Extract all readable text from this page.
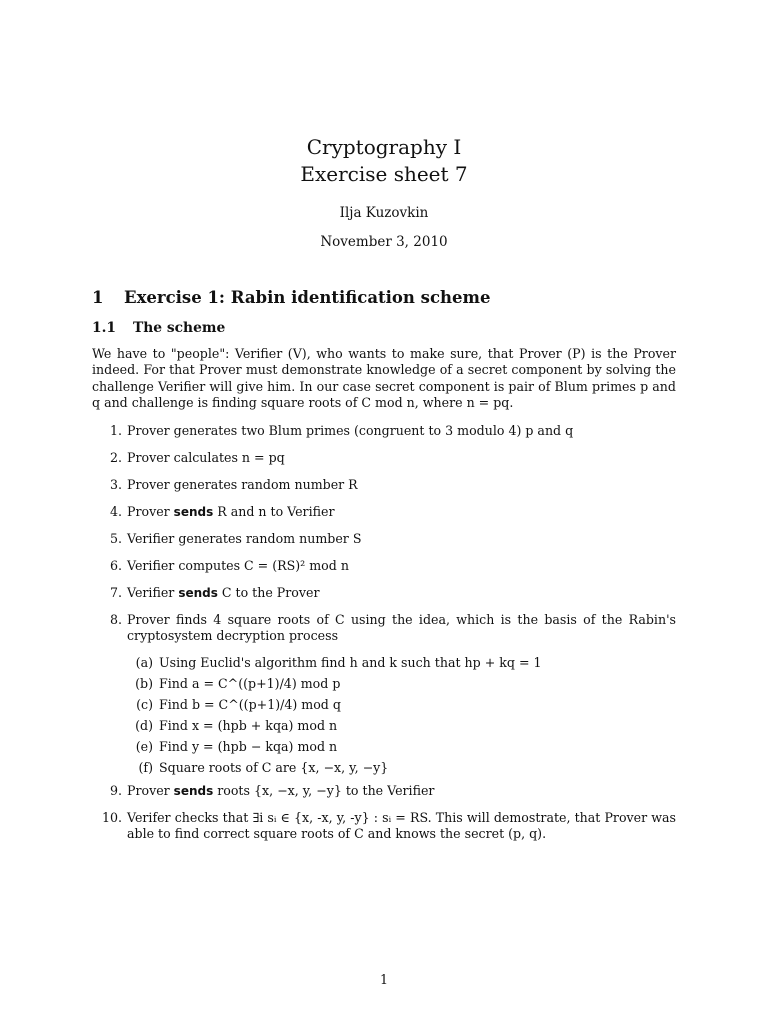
Cryptography I
Exercise sheet 7
Ilja Kuzovkin
November 3, 2010
1 Exercise 1: Rabin identification scheme
1.1 The scheme

We have to "people": Verifier (V), who wants to make sure, that Prover (P) is the Prover indeed. For that Prover must demonstrate knowledge of a secret component by solving the challenge Verifier will give him. In our case secret component is pair of Blum primes p and q and challenge is finding square roots of C mod n, where n = pq.

1. Prover generates two Blum primes (congruent to 3 modulo 4) p and q
2. Prover calculates n = pq
3. Prover generates random number R
4. Prover sends R and n to Verifier
5. Verifier generates random number S
6. Verifier computes C = (RS)² mod n
7. Verifier sends C to the Prover
8. Prover finds 4 square roots of C using the idea, which is the basis of the Rabin's cryptosystem decryption process
(a) Using Euclid's algorithm find h and k such that hp + kq = 1
(b) Find a = C^((p+1)/4) mod p
(c) Find b = C^((p+1)/4) mod q
(d) Find x = (hpb + kqa) mod n
(e) Find y = (hpb − kqa) mod n
(f) Square roots of C are {x, −x, y, −y}
9. Prover sends roots {x, −x, y, −y} to the Verifier
10. Verifer checks that ∃i sᵢ ∈ {x, -x, y, -y} : sᵢ = RS. This will demostrate, that Prover was able to find correct square roots of C and knows the secret (p, q).
1
